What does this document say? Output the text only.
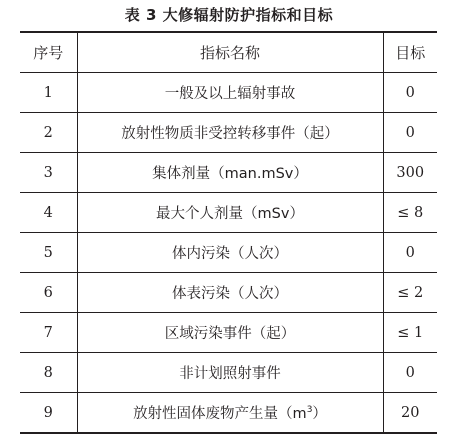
表 3 大修辐射防护指标和目标
序号	指标名称	目标
1	一般及以上辐射事故	0
2	放射性物质非受控转移事件（起）	0
3	集体剂量（man.mSv）	300
4	最大个人剂量（mSv）	≤ 8
5	体内污染（人次）	0
6	体表污染（人次）	≤ 2
7	区域污染事件（起）	≤ 1
8	非计划照射事件	0
9	放射性固体废物产生量$(m^3)$	20
